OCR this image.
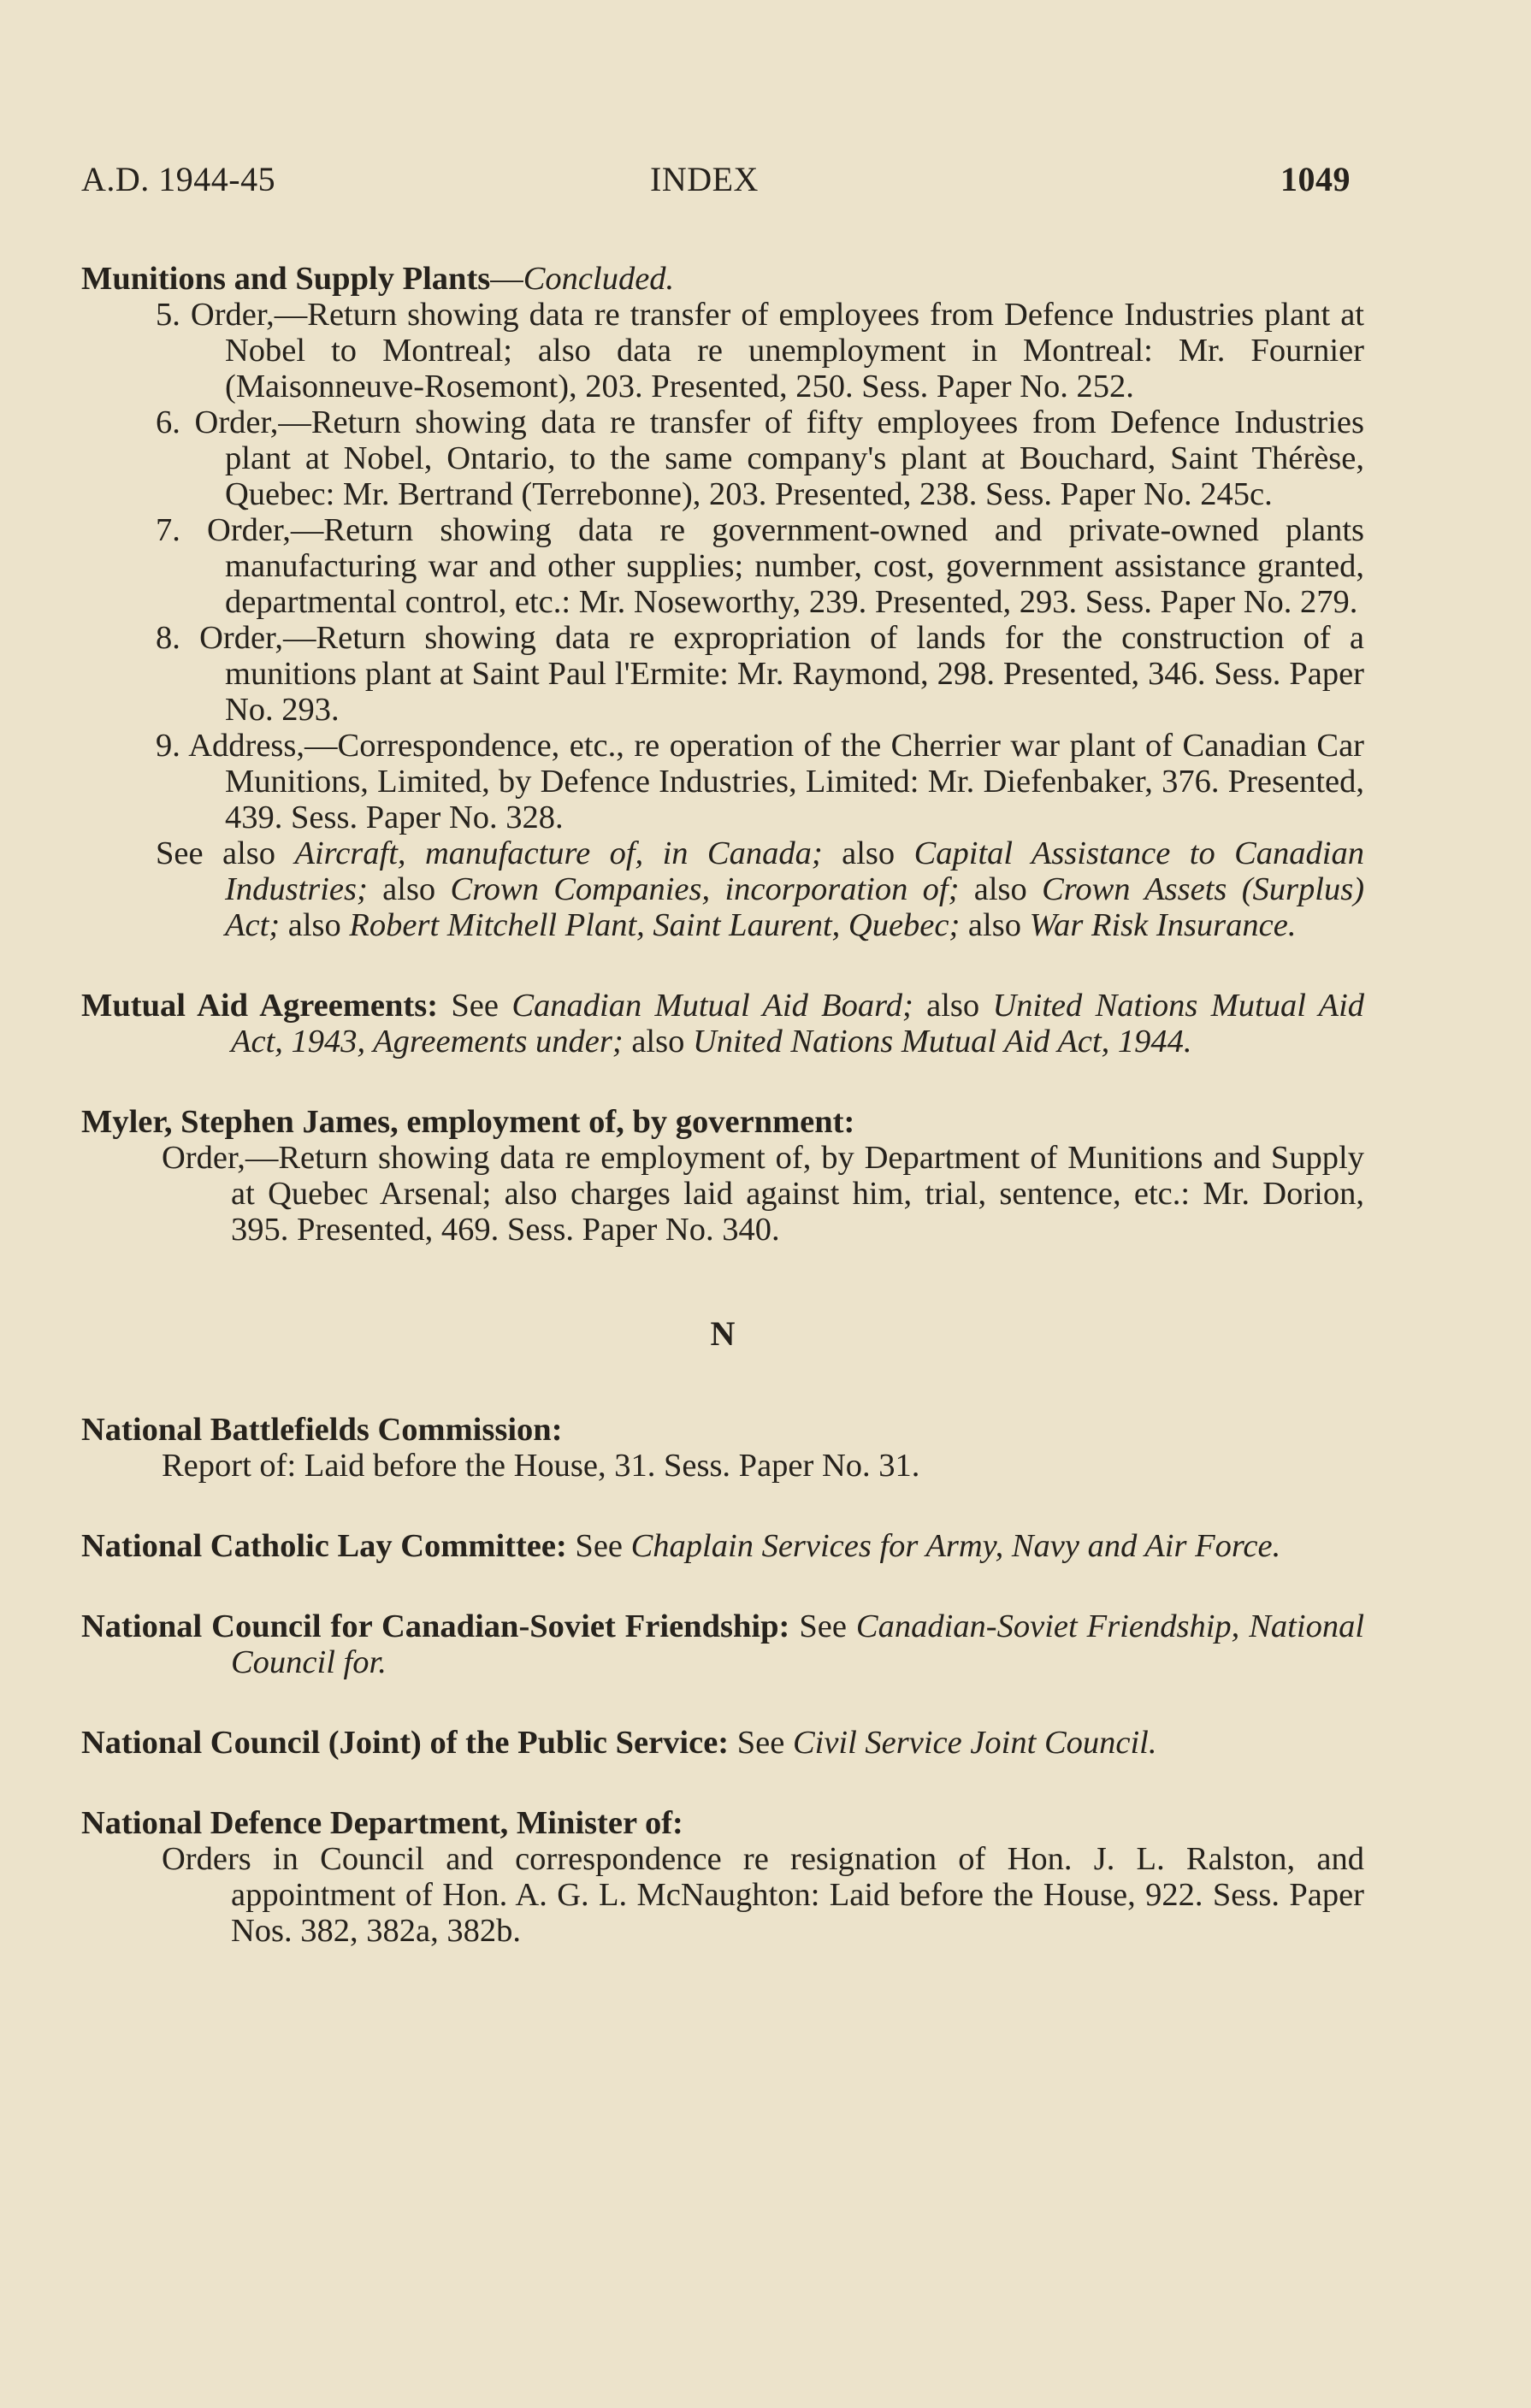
A.D. 1944-45	INDEX	1049

Munitions and Supply Plants—Concluded.

5. Order,—Return showing data re transfer of employees from Defence Industries plant at Nobel to Montreal; also data re unemployment in Montreal: Mr. Fournier (Maisonneuve-Rosemont), 203. Presented, 250. Sess. Paper No. 252.

6. Order,—Return showing data re transfer of fifty employees from Defence Industries plant at Nobel, Ontario, to the same company's plant at Bouchard, Saint Thérèse, Quebec: Mr. Bertrand (Terrebonne), 203. Presented, 238. Sess. Paper No. 245c.

7. Order,—Return showing data re government-owned and private-owned plants manufacturing war and other supplies; number, cost, government assistance granted, departmental control, etc.: Mr. Noseworthy, 239. Presented, 293. Sess. Paper No. 279.

8. Order,—Return showing data re expropriation of lands for the construction of a munitions plant at Saint Paul l'Ermite: Mr. Raymond, 298. Presented, 346. Sess. Paper No. 293.

9. Address,—Correspondence, etc., re operation of the Cherrier war plant of Canadian Car Munitions, Limited, by Defence Industries, Limited: Mr. Diefenbaker, 376. Presented, 439. Sess. Paper No. 328.

See also Aircraft, manufacture of, in Canada; also Capital Assistance to Canadian Industries; also Crown Companies, incorporation of; also Crown Assets (Surplus) Act; also Robert Mitchell Plant, Saint Laurent, Quebec; also War Risk Insurance.

Mutual Aid Agreements: See Canadian Mutual Aid Board; also United Nations Mutual Aid Act, 1943, Agreements under; also United Nations Mutual Aid Act, 1944.

Myler, Stephen James, employment of, by government:

Order,—Return showing data re employment of, by Department of Munitions and Supply at Quebec Arsenal; also charges laid against him, trial, sentence, etc.: Mr. Dorion, 395. Presented, 469. Sess. Paper No. 340.

N

National Battlefields Commission:

Report of: Laid before the House, 31. Sess. Paper No. 31.

National Catholic Lay Committee: See Chaplain Services for Army, Navy and Air Force.

National Council for Canadian-Soviet Friendship: See Canadian-Soviet Friendship, National Council for.

National Council (Joint) of the Public Service: See Civil Service Joint Council.

National Defence Department, Minister of:

Orders in Council and correspondence re resignation of Hon. J. L. Ralston, and appointment of Hon. A. G. L. McNaughton: Laid before the House, 922. Sess. Paper Nos. 382, 382a, 382b.
